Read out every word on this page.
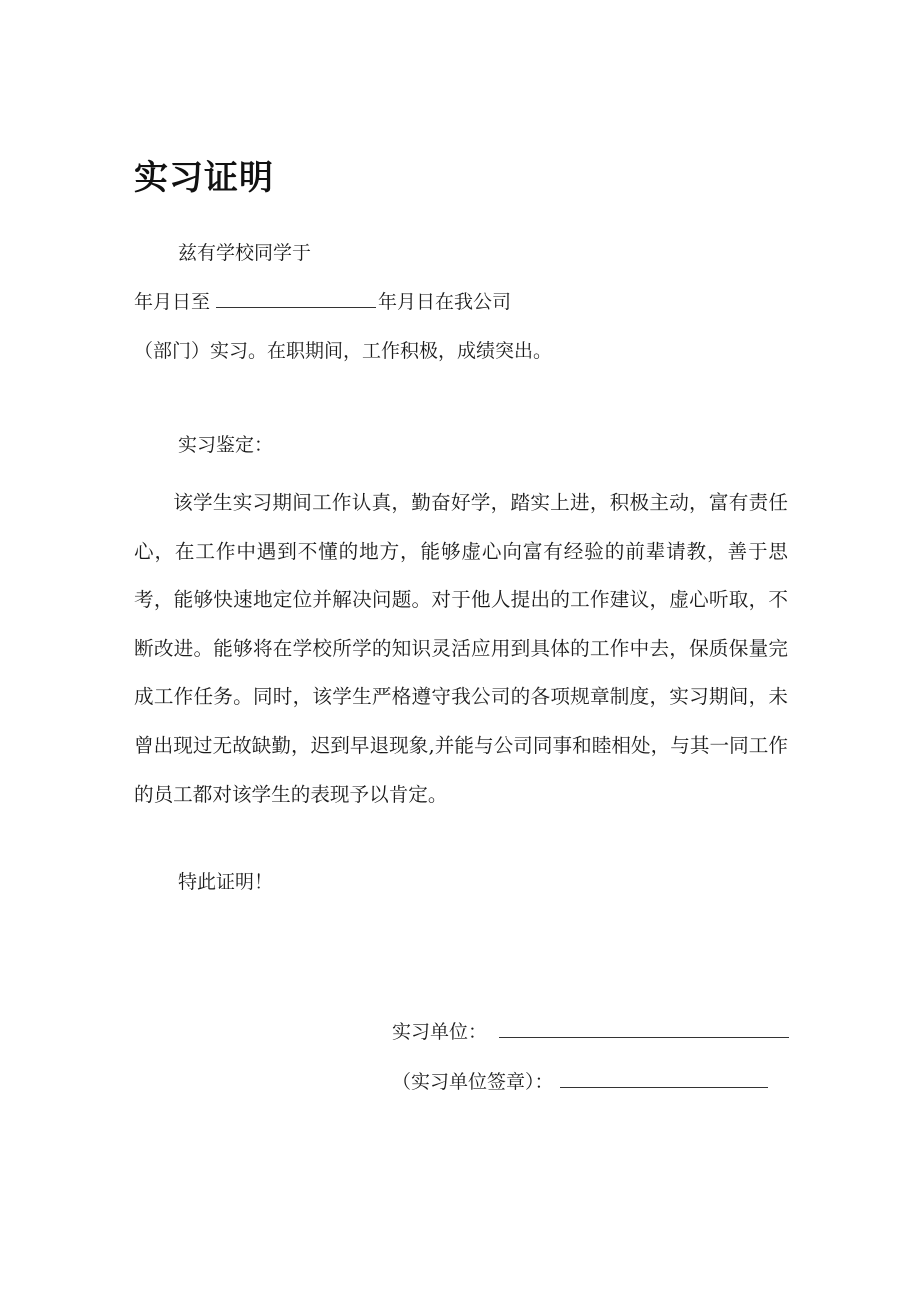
实习证明
兹有学校同学于
年月日至	年月日在我公司
（部门）实习。在职期间，工作积极，成绩突出。
实习鉴定：
该学生实习期间工作认真，勤奋好学，踏实上进，积极主动，富有责任心，在工作中遇到不懂的地方，能够虚心向富有经验的前辈请教，善于思考，能够快速地定位并解决问题。对于他人提出的工作建议，虚心听取，不断改进。能够将在学校所学的知识灵活应用到具体的工作中去，保质保量完成工作任务。同时，该学生严格遵守我公司的各项规章制度，实习期间，未曾出现过无故缺勤，迟到早退现象,并能与公司同事和睦相处，与其一同工作的员工都对该学生的表现予以肯定。
特此证明！
实习单位：
（实习单位签章）：
